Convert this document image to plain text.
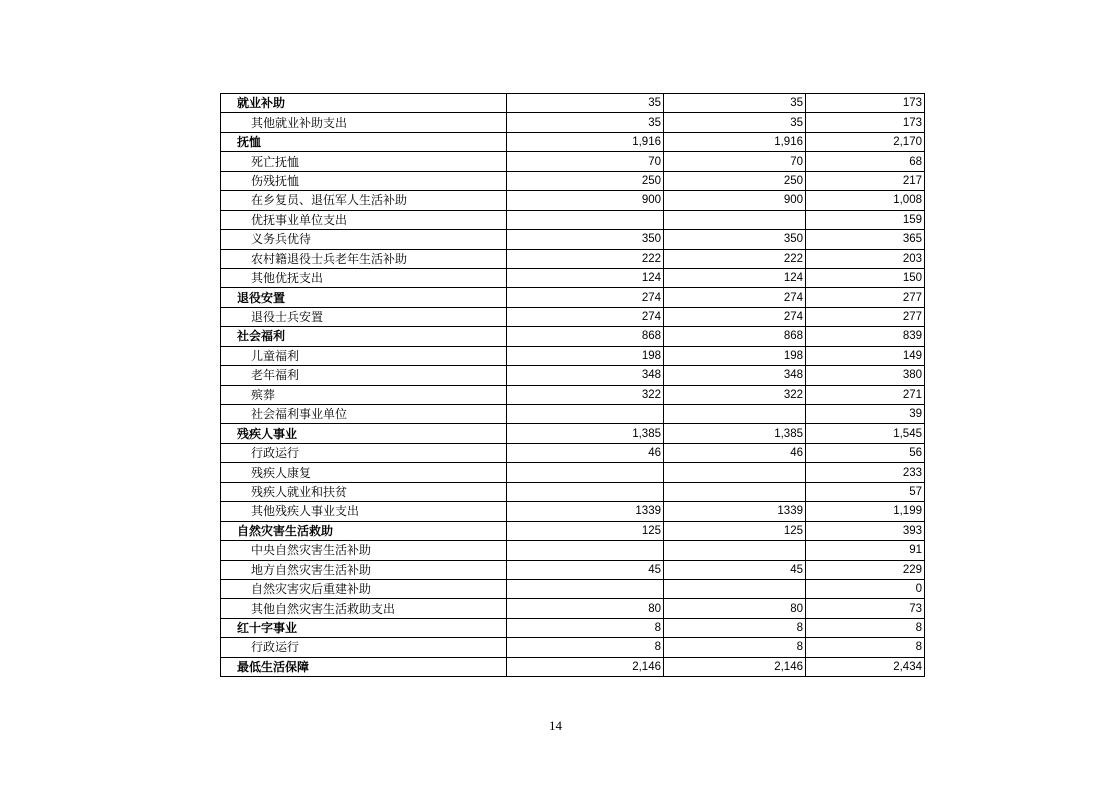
就业补助	35	35	173
其他就业补助支出	35	35	173
抚恤	1,916	1,916	2,170
死亡抚恤	70	70	68
伤残抚恤	250	250	217
在乡复员、退伍军人生活补助	900	900	1,008
优抚事业单位支出			159
义务兵优待	350	350	365
农村籍退役士兵老年生活补助	222	222	203
其他优抚支出	124	124	150
退役安置	274	274	277
退役士兵安置	274	274	277
社会福利	868	868	839
儿童福利	198	198	149
老年福利	348	348	380
殡葬	322	322	271
社会福利事业单位			39
残疾人事业	1,385	1,385	1,545
行政运行	46	46	56
残疾人康复			233
残疾人就业和扶贫			57
其他残疾人事业支出	1339	1339	1,199
自然灾害生活救助	125	125	393
中央自然灾害生活补助			91
地方自然灾害生活补助	45	45	229
自然灾害灾后重建补助			0
其他自然灾害生活救助支出	80	80	73
红十字事业	8	8	8
行政运行	8	8	8
最低生活保障	2,146	2,146	2,434
14
